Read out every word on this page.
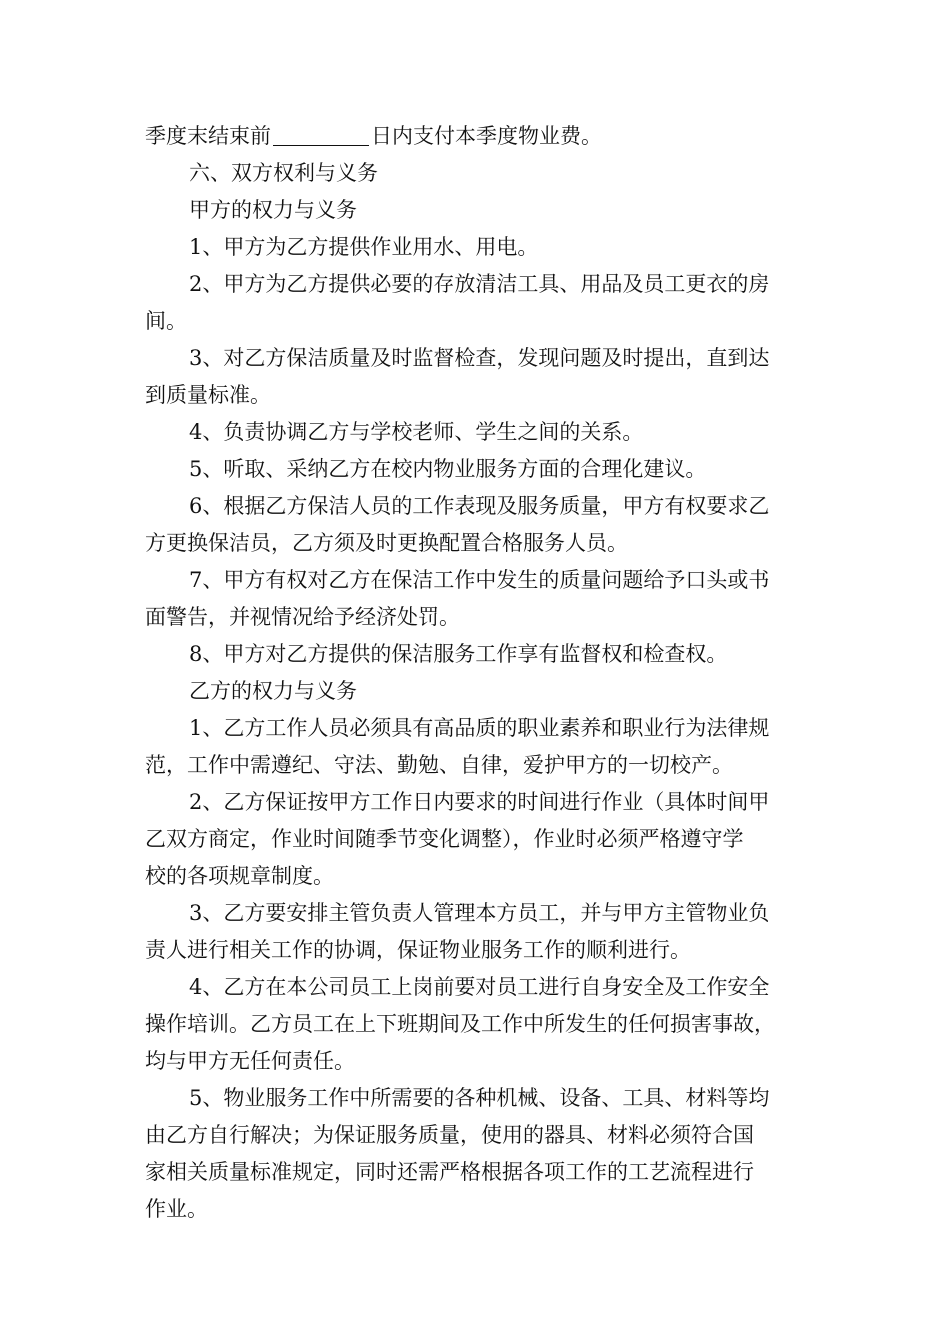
季度末结束前	日内支付本季度物业费。
六、双方权利与义务
甲方的权力与义务
1、甲方为乙方提供作业用水、用电。
2、甲方为乙方提供必要的存放清洁工具、用品及员工更衣的房
间。
3、对乙方保洁质量及时监督检查，发现问题及时提出，直到达
到质量标准。
4、负责协调乙方与学校老师、学生之间的关系。
5、听取、采纳乙方在校内物业服务方面的合理化建议。
6、根据乙方保洁人员的工作表现及服务质量，甲方有权要求乙
方更换保洁员，乙方须及时更换配置合格服务人员。
7、甲方有权对乙方在保洁工作中发生的质量问题给予口头或书
面警告，并视情况给予经济处罚。
8、甲方对乙方提供的保洁服务工作享有监督权和检查权。
乙方的权力与义务
1、乙方工作人员必须具有高品质的职业素养和职业行为法律规
范，工作中需遵纪、守法、勤勉、自律，爱护甲方的一切校产。
2、乙方保证按甲方工作日内要求的时间进行作业（具体时间甲
乙双方商定，作业时间随季节变化调整），作业时必须严格遵守学
校的各项规章制度。
3、乙方要安排主管负责人管理本方员工，并与甲方主管物业负
责人进行相关工作的协调，保证物业服务工作的顺利进行。
4、乙方在本公司员工上岗前要对员工进行自身安全及工作安全
操作培训。乙方员工在上下班期间及工作中所发生的任何损害事故，
均与甲方无任何责任。
5、物业服务工作中所需要的各种机械、设备、工具、材料等均
由乙方自行解决；为保证服务质量，使用的器具、材料必须符合国
家相关质量标准规定，同时还需严格根据各项工作的工艺流程进行
作业。
